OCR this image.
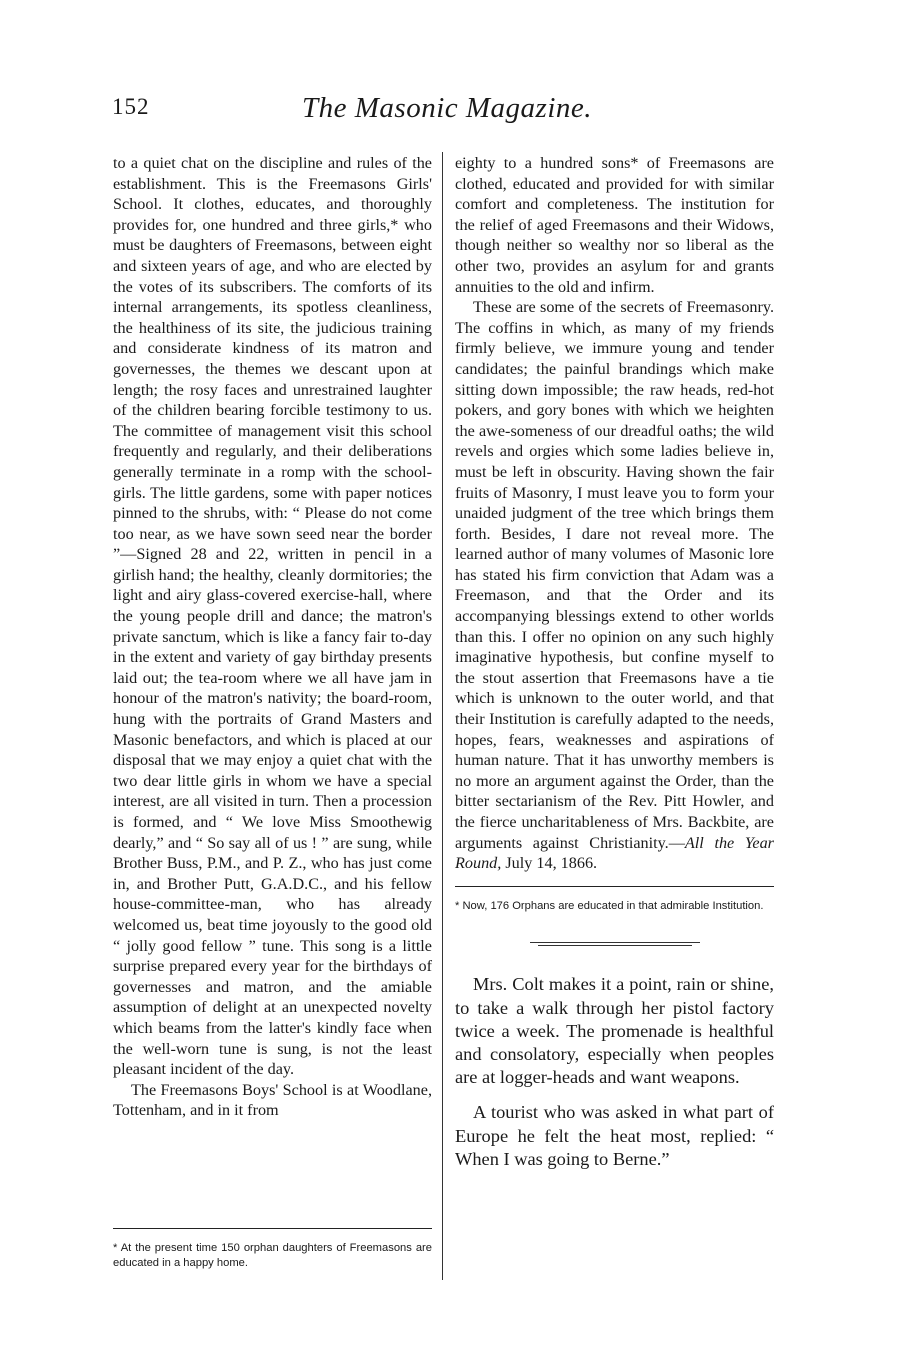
152	The Masonic Magazine.

to a quiet chat on the discipline and rules of the establishment. This is the Freemasons Girls' School. It clothes, educates, and thoroughly provides for, one hundred and three girls,* who must be daughters of Freemasons, between eight and sixteen years of age, and who are elected by the votes of its subscribers. The comforts of its internal arrangements, its spotless cleanliness, the healthiness of its site, the judicious training and considerate kindness of its matron and governesses, the themes we descant upon at length; the rosy faces and unrestrained laughter of the children bearing forcible testimony to us. The committee of management visit this school frequently and regularly, and their deliberations generally terminate in a romp with the school-girls. The little gardens, some with paper notices pinned to the shrubs, with: “ Please do not come too near, as we have sown seed near the border ”—Signed 28 and 22, written in pencil in a girlish hand; the healthy, cleanly dormitories; the light and airy glass-covered exercise-hall, where the young people drill and dance; the matron's private sanctum, which is like a fancy fair to-day in the extent and variety of gay birthday presents laid out; the tea-room where we all have jam in honour of the matron's nativity; the board-room, hung with the portraits of Grand Masters and Masonic benefactors, and which is placed at our disposal that we may enjoy a quiet chat with the two dear little girls in whom we have a special interest, are all visited in turn. Then a procession is formed, and “ We love Miss Smoothewig dearly,” and “ So say all of us ! ” are sung, while Brother Buss, P.M., and P. Z., who has just come in, and Brother Putt, G.A.D.C., and his fellow house-committee-man, who has already welcomed us, beat time joyously to the good old “ jolly good fellow ” tune. This song is a little surprise prepared every year for the birthdays of governesses and matron, and the amiable assumption of delight at an unexpected novelty which beams from the latter's kindly face when the well-worn tune is sung, is not the least pleasant incident of the day.

The Freemasons Boys' School is at Woodlane, Tottenham, and in it from

* At the present time 150 orphan daughters of Freemasons are educated in a happy home.

eighty to a hundred sons* of Freemasons are clothed, educated and provided for with similar comfort and completeness. The institution for the relief of aged Freemasons and their Widows, though neither so wealthy nor so liberal as the other two, provides an asylum for and grants annuities to the old and infirm.

These are some of the secrets of Freemasonry. The coffins in which, as many of my friends firmly believe, we immure young and tender candidates; the painful brandings which make sitting down impossible; the raw heads, red-hot pokers, and gory bones with which we heighten the awe-someness of our dreadful oaths; the wild revels and orgies which some ladies believe in, must be left in obscurity. Having shown the fair fruits of Masonry, I must leave you to form your unaided judgment of the tree which brings them forth. Besides, I dare not reveal more. The learned author of many volumes of Masonic lore has stated his firm conviction that Adam was a Freemason, and that the Order and its accompanying blessings extend to other worlds than this. I offer no opinion on any such highly imaginative hypothesis, but confine myself to the stout assertion that Freemasons have a tie which is unknown to the outer world, and that their Institution is carefully adapted to the needs, hopes, fears, weaknesses and aspirations of human nature. That it has unworthy members is no more an argument against the Order, than the bitter sectarianism of the Rev. Pitt Howler, and the fierce uncharitableness of Mrs. Backbite, are arguments against Christianity.—All the Year Round, July 14, 1866.

* Now, 176 Orphans are educated in that admirable Institution.

Mrs. Colt makes it a point, rain or shine, to take a walk through her pistol factory twice a week. The promenade is healthful and consolatory, especially when peoples are at logger-heads and want weapons.

A tourist who was asked in what part of Europe he felt the heat most, replied: “ When I was going to Berne.”
